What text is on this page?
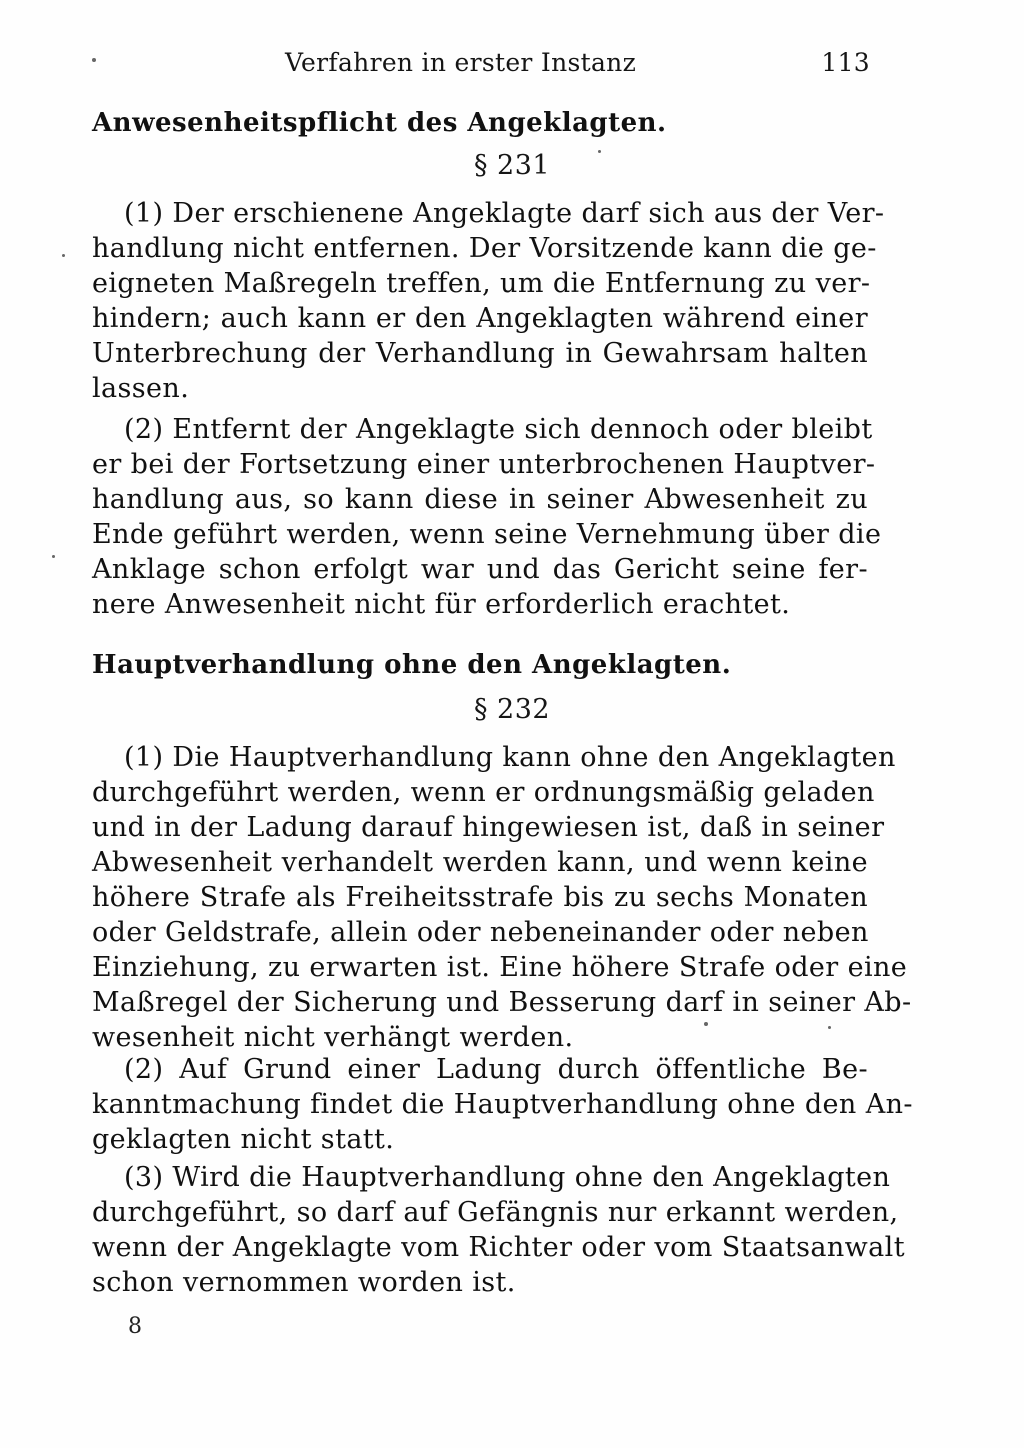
Verfahren in erster Instanz	113
Anwesenheitspflicht des Angeklagten.
§ 231
(1) Der erschienene Angeklagte darf sich aus der Ver-
handlung nicht entfernen. Der Vorsitzende kann die ge-
eigneten Maßregeln treffen, um die Entfernung zu ver-
hindern; auch kann er den Angeklagten während einer
Unterbrechung der Verhandlung in Gewahrsam halten
lassen.
(2) Entfernt der Angeklagte sich dennoch oder bleibt
er bei der Fortsetzung einer unterbrochenen Hauptver-
handlung aus, so kann diese in seiner Abwesenheit zu
Ende geführt werden, wenn seine Vernehmung über die
Anklage schon erfolgt war und das Gericht seine fer-
nere Anwesenheit nicht für erforderlich erachtet.
Hauptverhandlung ohne den Angeklagten.
§ 232
(1) Die Hauptverhandlung kann ohne den Angeklagten
durchgeführt werden, wenn er ordnungsmäßig geladen
und in der Ladung darauf hingewiesen ist, daß in seiner
Abwesenheit verhandelt werden kann, und wenn keine
höhere Strafe als Freiheitsstrafe bis zu sechs Monaten
oder Geldstrafe, allein oder nebeneinander oder neben
Einziehung, zu erwarten ist. Eine höhere Strafe oder eine
Maßregel der Sicherung und Besserung darf in seiner Ab-
wesenheit nicht verhängt werden.
(2) Auf Grund einer Ladung durch öffentliche Be-
kanntmachung findet die Hauptverhandlung ohne den An-
geklagten nicht statt.
(3) Wird die Hauptverhandlung ohne den Angeklagten
durchgeführt, so darf auf Gefängnis nur erkannt werden,
wenn der Angeklagte vom Richter oder vom Staatsanwalt
schon vernommen worden ist.
8
